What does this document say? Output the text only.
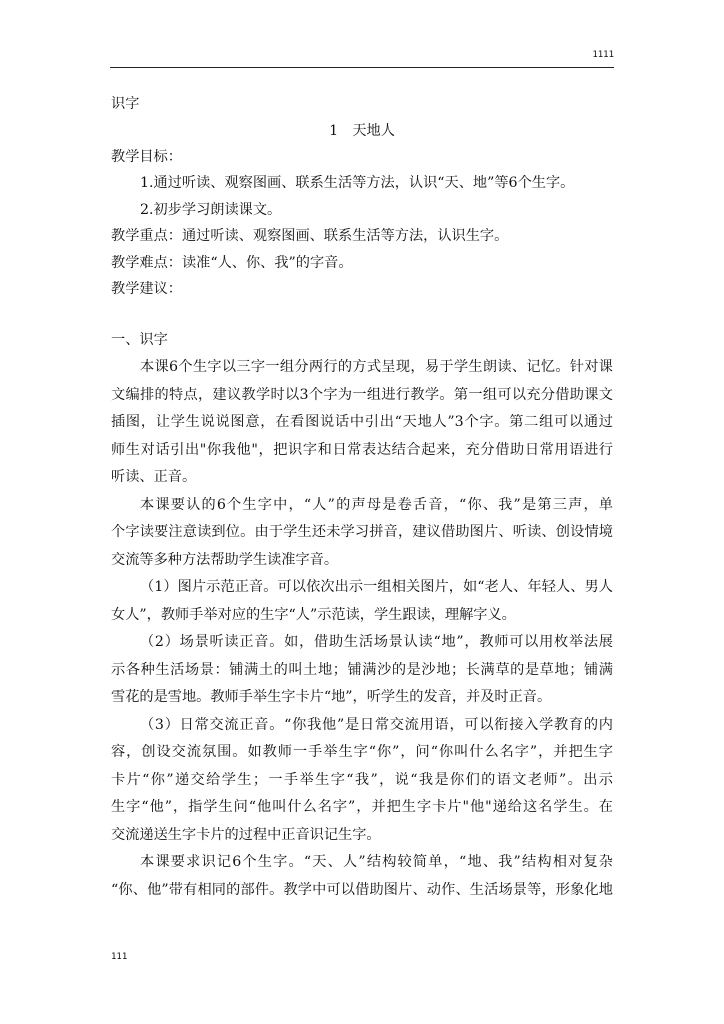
1111
识字
1　天地人
教学目标：
1.通过听读、观察图画、联系生活等方法，认识“天、地”等6个生字。
2.初步学习朗读课文。
教学重点：通过听读、观察图画、联系生活等方法，认识生字。
教学难点：读准“人、你、我”的字音。
教学建议：
一、识字
本课6个生字以三字一组分两行的方式呈现，易于学生朗读、记忆。针对课
文编排的特点，建议教学时以3个字为一组进行教学。第一组可以充分借助课文
插图，让学生说说图意，在看图说话中引出“天地人”3个字。第二组可以通过
师生对话引出"你我他"，把识字和日常表达结合起来，充分借助日常用语进行
听读、正音。
本课要认的6个生字中，“人”的声母是卷舌音，“你、我”是第三声，单
个字读要注意读到位。由于学生还未学习拼音，建议借助图片、听读、创设情境
交流等多种方法帮助学生读准字音。
（1）图片示范正音。可以依次出示一组相关图片，如“老人、年轻人、男人
女人”，教师手举对应的生字“人”示范读，学生跟读，理解字义。
（2）场景听读正音。如，借助生活场景认读“地”，教师可以用枚举法展
示各种生活场景：铺满土的叫土地；铺满沙的是沙地；长满草的是草地；铺满
雪花的是雪地。教师手举生字卡片“地”，听学生的发音，并及时正音。
（3）日常交流正音。“你我他”是日常交流用语，可以衔接入学教育的内
容，创设交流氛围。如教师一手举生字“你”，问“你叫什么名字”，并把生字
卡片“你”递交给学生；一手举生字“我”，说“我是你们的语文老师”。出示
生字“他”，指学生问“他叫什么名字”，并把生字卡片"他"递给这名学生。在
交流递送生字卡片的过程中正音识记生字。
本课要求识记6个生字。“天、人”结构较简单，“地、我”结构相对复杂
“你、他”带有相同的部件。教学中可以借助图片、动作、生活场景等，形象化地
111
